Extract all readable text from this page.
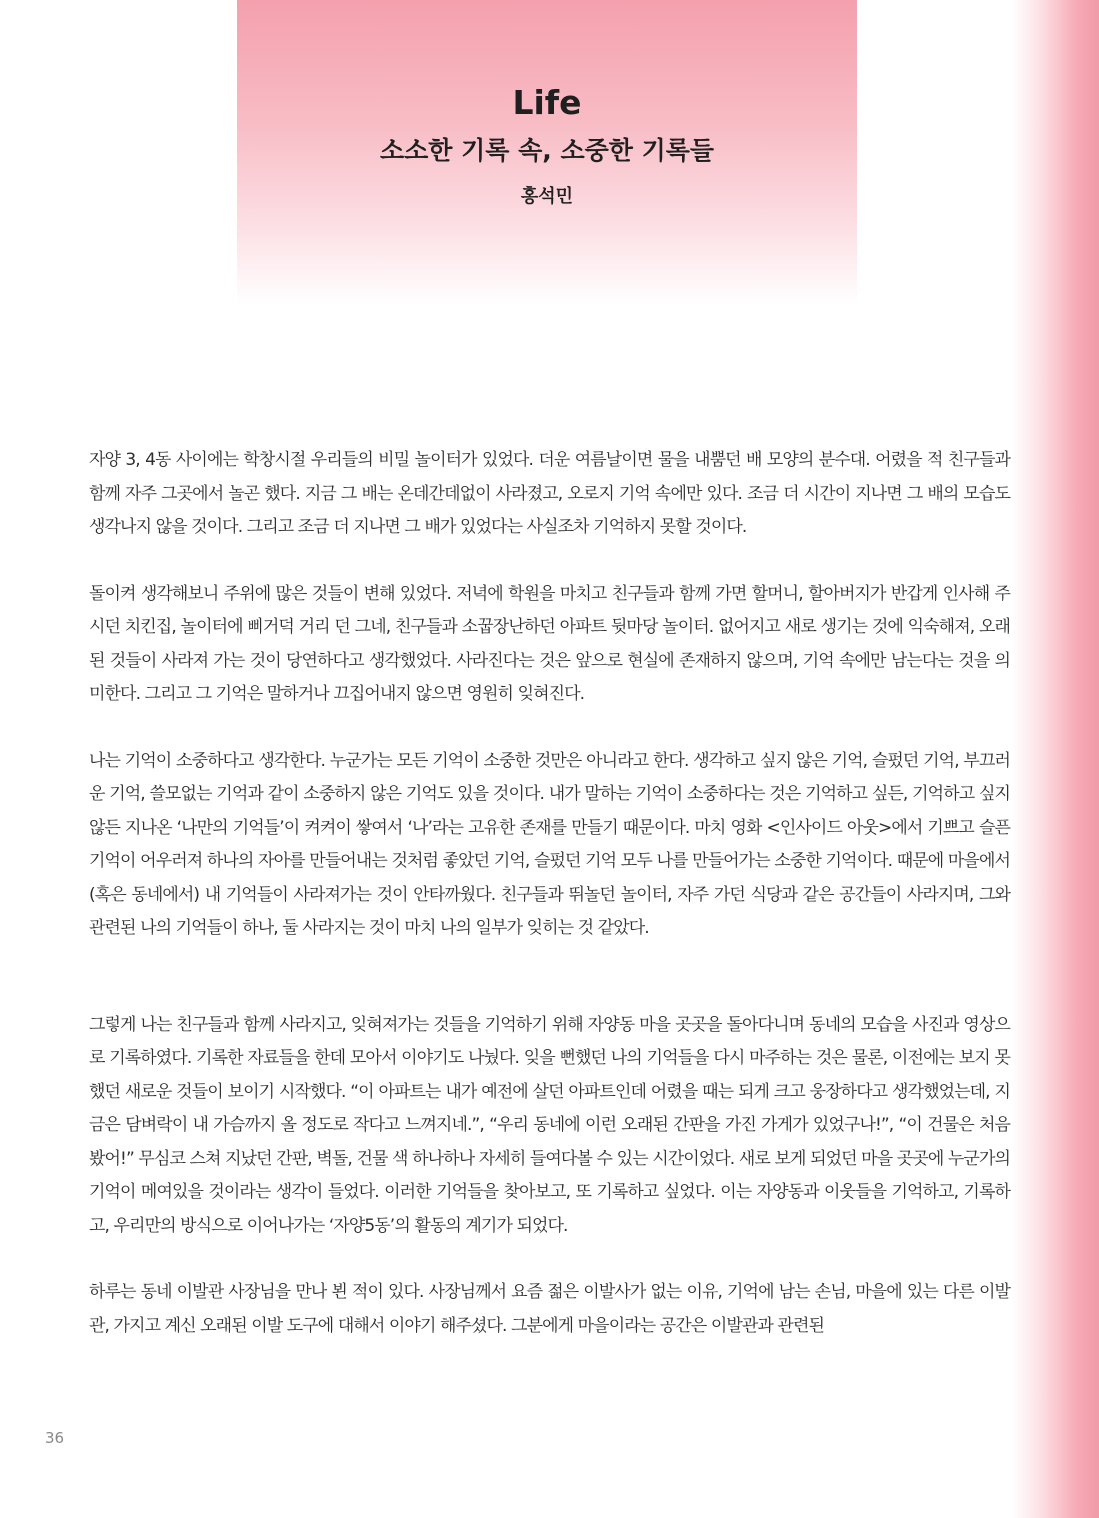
Life
소소한 기록 속, 소중한 기록들

홍석민

자양 3, 4동 사이에는 학창시절 우리들의 비밀 놀이터가 있었다. 더운 여름날이면 물을 내뿜던 배 모양의 분수대. 어렸을 적 친구들과 함께 자주 그곳에서 놀곤 했다. 지금 그 배는 온데간데없이 사라졌고, 오로지 기억 속에만 있다. 조금 더 시간이 지나면 그 배의 모습도 생각나지 않을 것이다. 그리고 조금 더 지나면 그 배가 있었다는 사실조차 기억하지 못할 것이다.

돌이켜 생각해보니 주위에 많은 것들이 변해 있었다. 저녁에 학원을 마치고 친구들과 함께 가면 할머니, 할아버지가 반갑게 인사해 주시던 치킨집, 놀이터에 삐거덕 거리 던 그네, 친구들과 소꿉장난하던 아파트 뒷마당 놀이터. 없어지고 새로 생기는 것에 익숙해져, 오래된 것들이 사라져 가는 것이 당연하다고 생각했었다. 사라진다는 것은 앞으로 현실에 존재하지 않으며, 기억 속에만 남는다는 것을 의미한다. 그리고 그 기억은 말하거나 끄집어내지 않으면 영원히 잊혀진다.

나는 기억이 소중하다고 생각한다. 누군가는 모든 기억이 소중한 것만은 아니라고 한다. 생각하고 싶지 않은 기억, 슬펐던 기억, 부끄러운 기억, 쓸모없는 기억과 같이 소중하지 않은 기억도 있을 것이다. 내가 말하는 기억이 소중하다는 것은 기억하고 싶든, 기억하고 싶지 않든 지나온 ‘나만의 기억들’이 켜켜이 쌓여서 ‘나’라는 고유한 존재를 만들기 때문이다. 마치 영화 <인사이드 아웃>에서 기쁘고 슬픈 기억이 어우러져 하나의 자아를 만들어내는 것처럼 좋았던 기억, 슬펐던 기억 모두 나를 만들어가는 소중한 기억이다. 때문에 마을에서(혹은 동네에서) 내 기억들이 사라져가는 것이 안타까웠다. 친구들과 뛰놀던 놀이터, 자주 가던 식당과 같은 공간들이 사라지며, 그와 관련된 나의 기억들이 하나, 둘 사라지는 것이 마치 나의 일부가 잊히는 것 같았다.

그렇게 나는 친구들과 함께 사라지고, 잊혀져가는 것들을 기억하기 위해 자양동 마을 곳곳을 돌아다니며 동네의 모습을 사진과 영상으로 기록하였다. 기록한 자료들을 한데 모아서 이야기도 나눴다. 잊을 뻔했던 나의 기억들을 다시 마주하는 것은 물론, 이전에는 보지 못했던 새로운 것들이 보이기 시작했다. “이 아파트는 내가 예전에 살던 아파트인데 어렸을 때는 되게 크고 웅장하다고 생각했었는데, 지금은 담벼락이 내 가슴까지 올 정도로 작다고 느껴지네.”, “우리 동네에 이런 오래된 간판을 가진 가게가 있었구나!”, “이 건물은 처음 봤어!” 무심코 스쳐 지났던 간판, 벽돌, 건물 색 하나하나 자세히 들여다볼 수 있는 시간이었다. 새로 보게 되었던 마을 곳곳에 누군가의 기억이 메여있을 것이라는 생각이 들었다. 이러한 기억들을 찾아보고, 또 기록하고 싶었다. 이는 자양동과 이웃들을 기억하고, 기록하고, 우리만의 방식으로 이어나가는 ‘자양5동’의 활동의 계기가 되었다.

하루는 동네 이발관 사장님을 만나 뵌 적이 있다. 사장님께서 요즘 젊은 이발사가 없는 이유, 기억에 남는 손님, 마을에 있는 다른 이발관, 가지고 계신 오래된 이발 도구에 대해서 이야기 해주셨다. 그분에게 마을이라는 공간은 이발관과 관련된

36
